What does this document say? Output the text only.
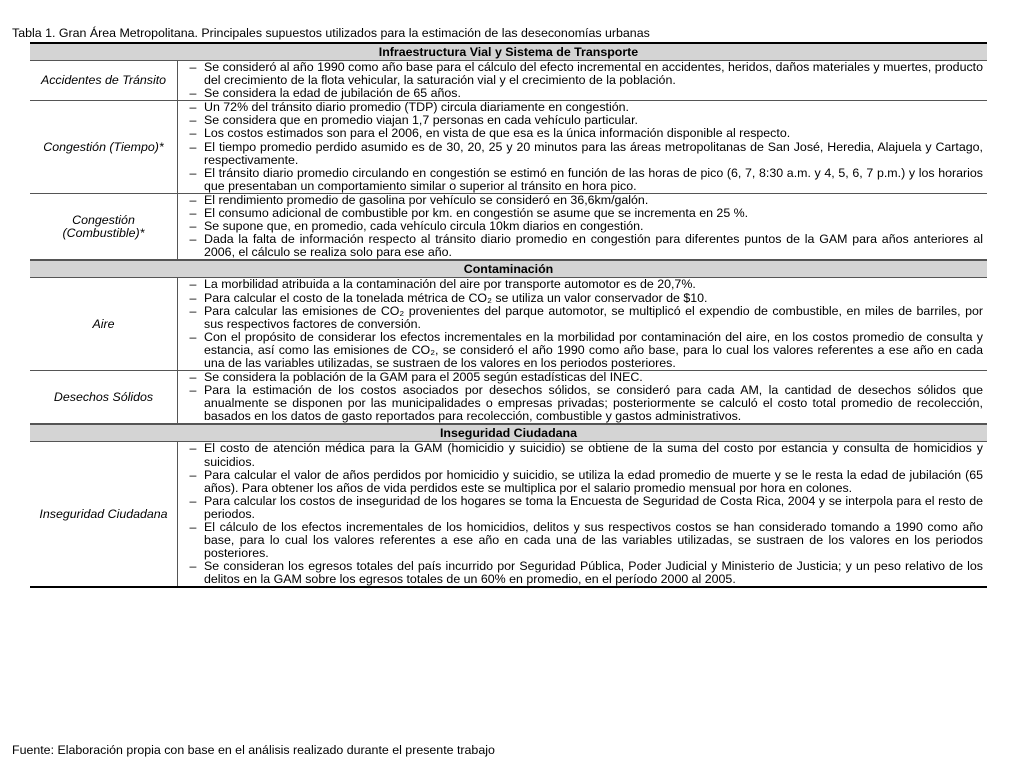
Tabla 1. Gran Área Metropolitana. Principales supuestos utilizados para la estimación de las deseconomías urbanas
Infraestructura Vial y Sistema de Transporte
Accidentes de Tránsito
– Se consideró al año 1990 como año base para el cálculo del efecto incremental en accidentes, heridos, daños materiales y muertes, producto del crecimiento de la flota vehicular, la saturación vial y el crecimiento de la población.
– Se considera la edad de jubilación de 65 años.
Congestión (Tiempo)*
– Un 72% del tránsito diario promedio (TDP) circula diariamente en congestión.
– Se considera que en promedio viajan 1,7 personas en cada vehículo particular.
– Los costos estimados son para el 2006, en vista de que esa es la única información disponible al respecto.
– El tiempo promedio perdido asumido es de 30, 20, 25 y 20 minutos para las áreas metropolitanas de San José, Heredia, Alajuela y Cartago, respectivamente.
– El tránsito diario promedio circulando en congestión se estimó en función de las horas de pico (6, 7, 8:30 a.m. y 4, 5, 6, 7 p.m.) y los horarios que presentaban un comportamiento similar o superior al tránsito en hora pico.
Congestión (Combustible)*
– El rendimiento promedio de gasolina por vehículo se consideró en 36,6km/galón.
– El consumo adicional de combustible por km. en congestión se asume que se incrementa en 25 %.
– Se supone que, en promedio, cada vehículo circula 10km diarios en congestión.
– Dada la falta de información respecto al tránsito diario promedio en congestión para diferentes puntos de la GAM para años anteriores al 2006, el cálculo se realiza solo para ese año.
Contaminación
Aire
– La morbilidad atribuida a la contaminación del aire por transporte automotor es de 20,7%.
– Para calcular el costo de la tonelada métrica de CO₂ se utiliza un valor conservador de $10.
– Para calcular las emisiones de CO₂ provenientes del parque automotor, se multiplicó el expendio de combustible, en miles de barriles, por sus respectivos factores de conversión.
– Con el propósito de considerar los efectos incrementales en la morbilidad por contaminación del aire, en los costos promedio de consulta y estancia, así como las emisiones de CO₂, se consideró el año 1990 como año base, para lo cual los valores referentes a ese año en cada una de las variables utilizadas, se sustraen de los valores en los periodos posteriores.
Desechos Sólidos
– Se considera la población de la GAM para el 2005 según estadísticas del INEC.
– Para la estimación de los costos asociados por desechos sólidos, se consideró para cada AM, la cantidad de desechos sólidos que anualmente se disponen por las municipalidades o empresas privadas; posteriormente se calculó el costo total promedio de recolección, basados en los datos de gasto reportados para recolección, combustible y gastos administrativos.
Inseguridad Ciudadana
Inseguridad Ciudadana
– El costo de atención médica para la GAM (homicidio y suicidio) se obtiene de la suma del costo por estancia y consulta de homicidios y suicidios.
– Para calcular el valor de años perdidos por homicidio y suicidio, se utiliza la edad promedio de muerte y se le resta la edad de jubilación (65 años). Para obtener los años de vida perdidos este se multiplica por el salario promedio mensual por hora en colones.
– Para calcular los costos de inseguridad de los hogares se toma la Encuesta de Seguridad de Costa Rica, 2004 y se interpola para el resto de periodos.
– El cálculo de los efectos incrementales de los homicidios, delitos y sus respectivos costos se han considerado tomando a 1990 como año base, para lo cual los valores referentes a ese año en cada una de las variables utilizadas, se sustraen de los valores en los periodos posteriores.
– Se consideran los egresos totales del país incurrido por Seguridad Pública, Poder Judicial y Ministerio de Justicia; y un peso relativo de los delitos en la GAM sobre los egresos totales de un 60% en promedio, en el período 2000 al 2005.
Fuente: Elaboración propia con base en el análisis realizado durante el presente trabajo
